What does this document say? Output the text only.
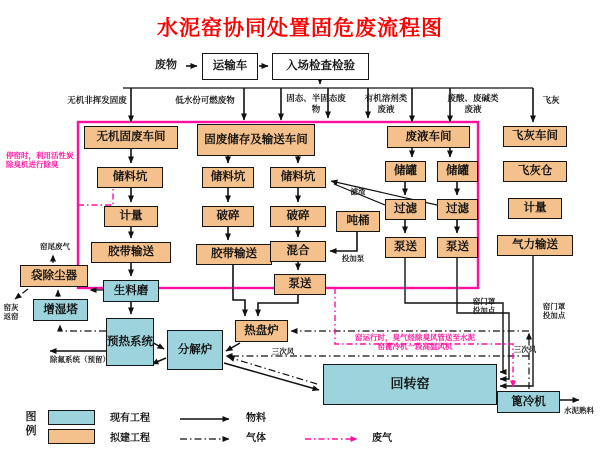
水泥窑协同处置固危废流程图
废物	运输车	入场检查检验
无机非挥发固废	低水份可燃废物	固态、半固态废物
有机溶剂类废液
废酸、废碱类废液
飞灰
无机固废车间	固废储存及输送车间	废液车间	飞灰车间
储料坑
计量
胶带输送
储料坑
破碎
胶带输送
储料坑
破碎
混合
泵送
吨桶
储罐	储罐
过滤	过滤
泵送	泵送
飞灰仓
计量
气力输送
袋除尘器
增湿塔
生料磨
预热系统
分解炉
热盘炉
回转窑
篦冷机
窑尾废气
窑灰返窑
除氟系统（预留）
三次风	三次风
窑门罩投加点	窑门罩投加点
水泥熟料
投加泵
滤渣
停窑时，利用活性炭除臭机进行除臭
窑运行时，臭气经除臭风管送至水泥窑篦冷机一段高温风机
图例
现有工程
拟建工程
物料
气体	废气
